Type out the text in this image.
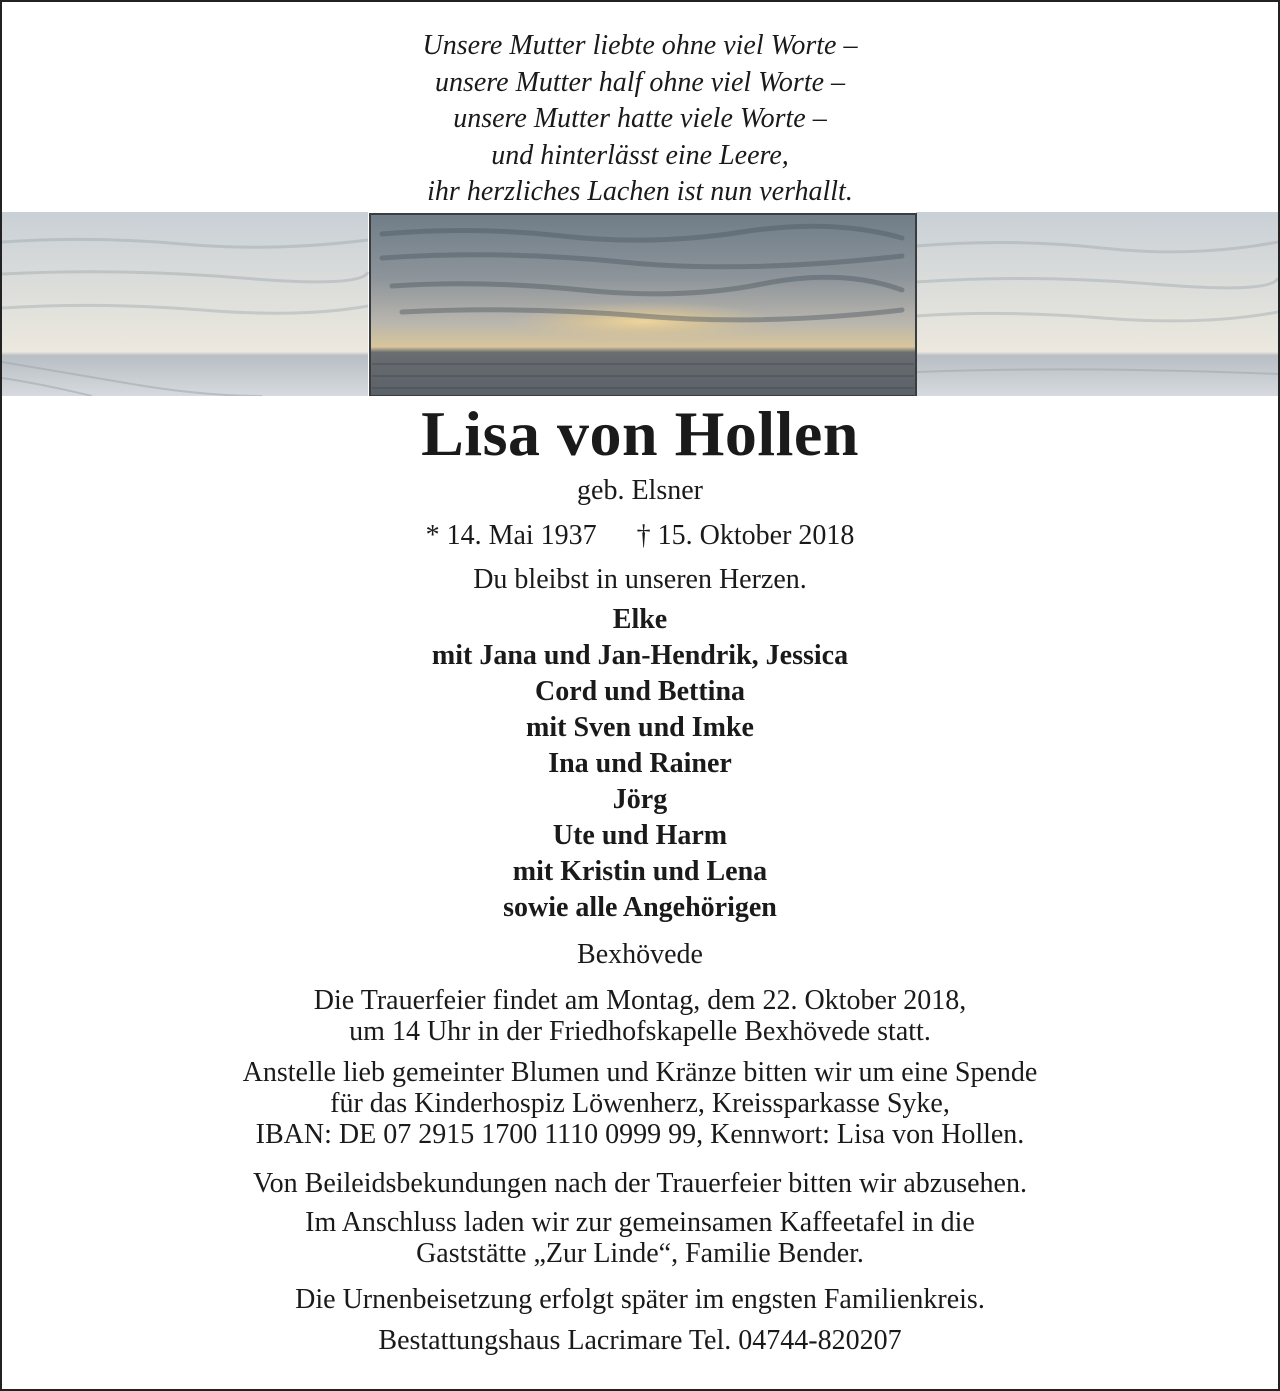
Unsere Mutter liebte ohne viel Worte –
unsere Mutter half ohne viel Worte –
unsere Mutter hatte viele Worte –
und hinterlässt eine Leere,
ihr herzliches Lachen ist nun verhallt.
Lisa von Hollen
geb. Elsner
* 14. Mai 1937 † 15. Oktober 2018
Du bleibst in unseren Herzen.
Elke
mit Jana und Jan-Hendrik, Jessica
Cord und Bettina
mit Sven und Imke
Ina und Rainer
Jörg
Ute und Harm
mit Kristin und Lena
sowie alle Angehörigen
Bexhövede
Die Trauerfeier findet am Montag, dem 22. Oktober 2018,
um 14 Uhr in der Friedhofskapelle Bexhövede statt.
Anstelle lieb gemeinter Blumen und Kränze bitten wir um eine Spende
für das Kinderhospiz Löwenherz, Kreissparkasse Syke,
IBAN: DE 07 2915 1700 1110 0999 99, Kennwort: Lisa von Hollen.
Von Beileidsbekundungen nach der Trauerfeier bitten wir abzusehen.
Im Anschluss laden wir zur gemeinsamen Kaffeetafel in die
Gaststätte „Zur Linde“, Familie Bender.
Die Urnenbeisetzung erfolgt später im engsten Familienkreis.
Bestattungshaus Lacrimare Tel. 04744-820207
